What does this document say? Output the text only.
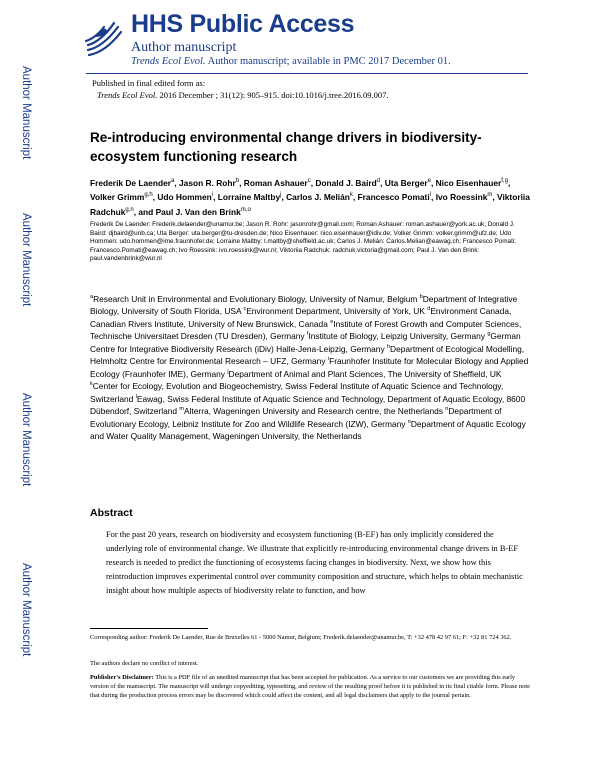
HHS Public Access
Author manuscript
Trends Ecol Evol. Author manuscript; available in PMC 2017 December 01.
Published in final edited form as:
Trends Ecol Evol. 2016 December ; 31(12): 905–915. doi:10.1016/j.tree.2016.09.007.
Author Manuscript
Author Manuscript
Author Manuscript
Author Manuscript
Re-introducing environmental change drivers in biodiversity-ecosystem functioning research
Frederik De Laender$^a$, Jason R. Rohr$^b$, Roman Ashauer$^c$, Donald J. Baird$^d$, Uta Berger$^e$, Nico Eisenhauer$^{f,g}$, Volker Grimm$^{g,h}$, Udo Hommen$^i$, Lorraine Maltby$^j$, Carlos J. Melián$^k$, Francesco Pomati$^l$, Ivo Roessink$^m$, Viktoriia Radchuk$^{g,n}$, and Paul J. Van den Brink$^{m,o}$
Frederik De Laender: Frederik.delaender@unamur.be; Jason R. Rohr: jasonrohr@gmail.com; Roman Ashauer: roman.ashauer@york.ac.uk; Donald J. Baird: djbaird@unb.ca; Uta Berger: uta.berger@tu-dresden.de; Nico Eisenhauer: nico.eisenhauer@idiv.de; Volker Grimm: volker.grimm@ufz.de; Udo Hommen: udo.hommen@ime.fraunhofer.de; Lorraine Maltby: l.maltby@sheffield.ac.uk; Carlos J. Melián: Carlos.Melian@eawag.ch; Francesco Pomati: Francesco.Pomati@eawag.ch; Ivo Roessink: ivo.roessink@wur.nl; Viktoriia Radchuk: radchuk.victoria@gmail.com; Paul J. Van den Brink: paul.vandenbrink@wur.nl
$^a$Research Unit in Environmental and Evolutionary Biology, University of Namur, Belgium $^b$Department of Integrative Biology, University of South Florida, USA $^c$Environment Department, University of York, UK $^d$Environment Canada, Canadian Rivers Institute, University of New Brunswick, Canada $^e$Institute of Forest Growth and Computer Sciences, Technische Universitaet Dresden (TU Dresden), Germany $^f$Institute of Biology, Leipzig University, Germany $^g$German Centre for Integrative Biodiversity Research (iDiv) Halle-Jena-Leipzig, Germany $^h$Department of Ecological Modelling, Helmholtz Centre for Environmental Research – UFZ, Germany $^i$Fraunhofer Institute for Molecular Biology and Applied Ecology (Fraunhofer IME), Germany $^j$Department of Animal and Plant Sciences, The University of Sheffield, UK $^k$Center for Ecology, Evolution and Biogeochemistry, Swiss Federal Institute of Aquatic Science and Technology, Switzerland $^l$Eawag, Swiss Federal Institute of Aquatic Science and Technology, Department of Aquatic Ecology, 8600 Dübendorf, Switzerland $^m$Alterra, Wageningen University and Research centre, the Netherlands $^n$Department of Evolutionary Ecology, Leibniz Institute for Zoo and Wildlife Research (IZW), Germany $^o$Department of Aquatic Ecology and Water Quality Management, Wageningen University, the Netherlands
Abstract
For the past 20 years, research on biodiversity and ecosystem functioning (B-EF) has only implicitly considered the underlying role of environmental change. We illustrate that explicitly re-introducing environmental change drivers in B-EF research is needed to predict the functioning of ecosystems facing changes in biodiversity. Next, we show how this reintroduction improves experimental control over community composition and structure, which helps to obtain mechanistic insight about how multiple aspects of biodiversity relate to function, and how
Corresponding author: Frederik De Laender, Rue de Bruxelles 61 - 5000 Namur, Belgium; Frederik.delaender@unamur.be, T: +32 478 42 97 61; F: +32 81 724 362.
The authors declare no conflict of interest.
Publisher's Disclaimer: This is a PDF file of an unedited manuscript that has been accepted for publication. As a service to our customers we are providing this early version of the manuscript. The manuscript will undergo copyediting, typesetting, and review of the resulting proof before it is published in its final citable form. Please note that during the production process errors may be discovered which could affect the content, and all legal disclaimers that apply to the journal pertain.
